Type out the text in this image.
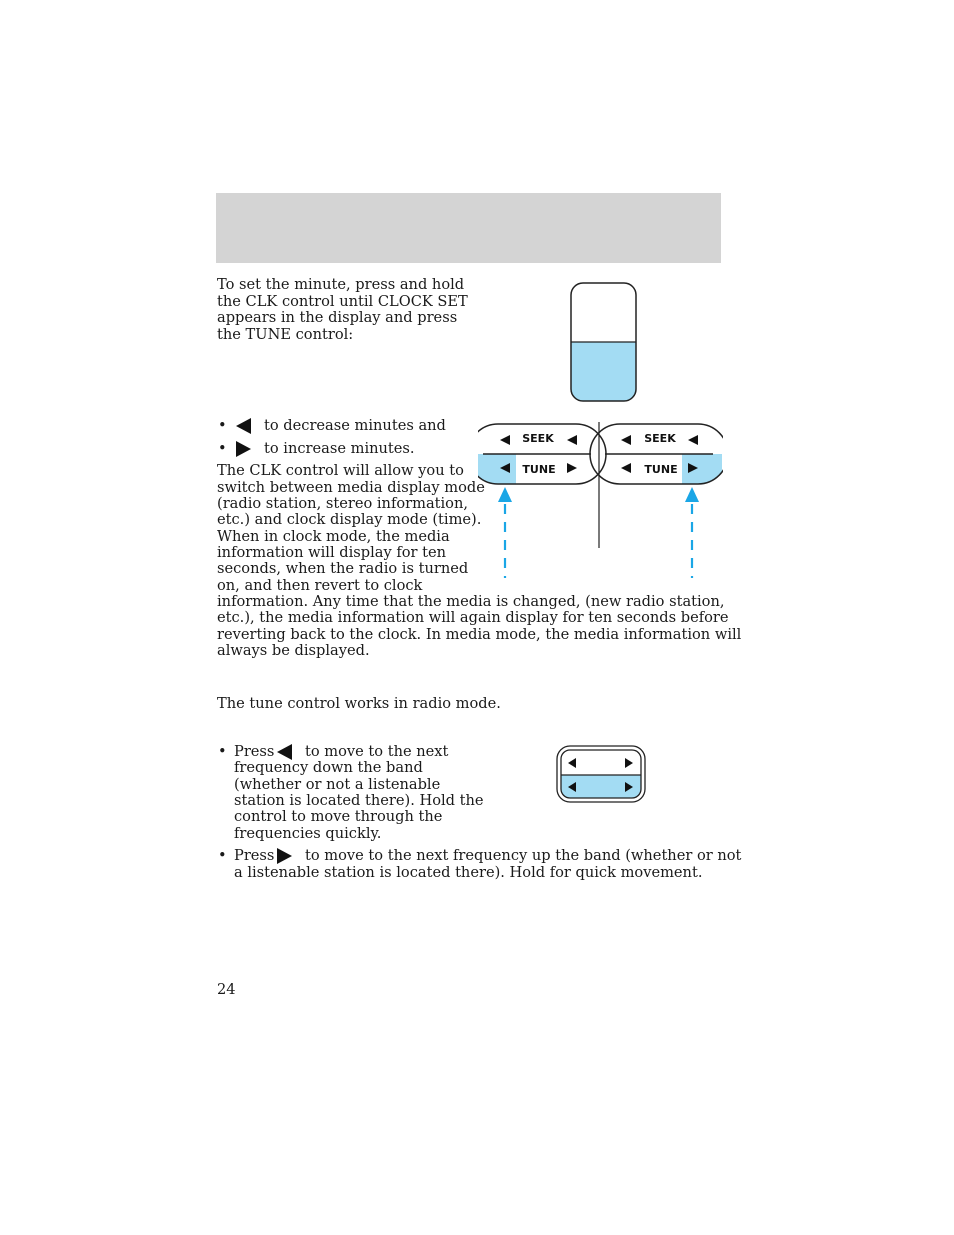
To set the minute, press and hold the CLK control until CLOCK SET appears in the display and press the TUNE control:
•	to decrease minutes and
•	to increase minutes.
The CLK control will allow you to
switch between media display mode
(radio station, stereo information,
etc.) and clock display mode (time).
When in clock mode, the media
information will display for ten
seconds, when the radio is turned
on, and then revert to clock
information. Any time that the media is changed, (new radio station,
etc.), the media information will again display for ten seconds before
reverting back to the clock. In media mode, the media information will
always be displayed.
SEEK
TUNE
SEEK
TUNE
The tune control works in radio mode.
• Press to move to the next
frequency down the band
(whether or not a listenable
station is located there). Hold the
control to move through the
frequencies quickly.
• Press to move to the next frequency up the band (whether or not
a listenable station is located there). Hold for quick movement.
24
